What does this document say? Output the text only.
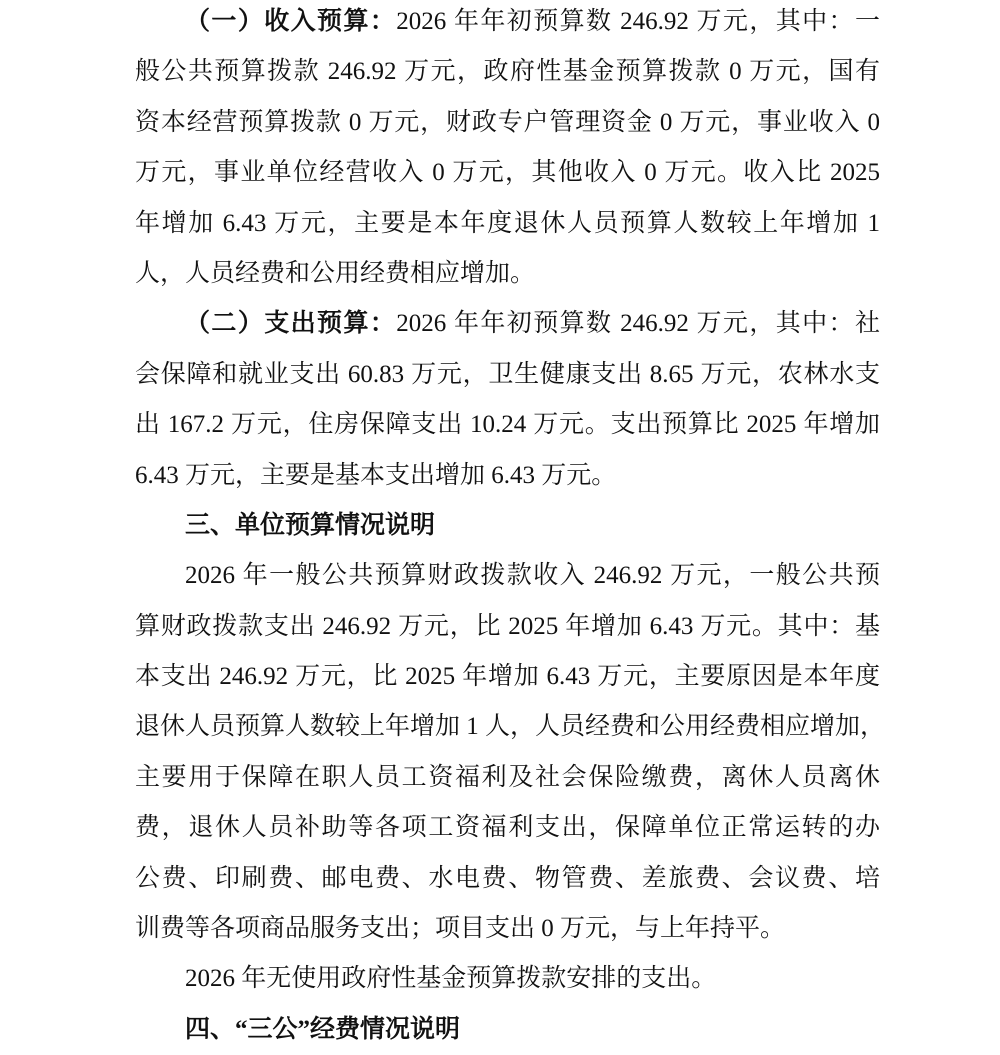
（一）收入预算：2026 年年初预算数 246.92 万元，其中：一
般公共预算拨款 246.92 万元，政府性基金预算拨款 0 万元，国有
资本经营预算拨款 0 万元，财政专户管理资金 0 万元，事业收入 0
万元，事业单位经营收入 0 万元，其他收入 0 万元。收入比 2025
年增加 6.43 万元，主要是本年度退休人员预算人数较上年增加 1
人，人员经费和公用经费相应增加。
（二）支出预算：2026 年年初预算数 246.92 万元，其中：社
会保障和就业支出 60.83 万元，卫生健康支出 8.65 万元，农林水支
出 167.2 万元，住房保障支出 10.24 万元。支出预算比 2025 年增加
6.43 万元，主要是基本支出增加 6.43 万元。
三、单位预算情况说明
2026 年一般公共预算财政拨款收入 246.92 万元，一般公共预
算财政拨款支出 246.92 万元，比 2025 年增加 6.43 万元。其中：基
本支出 246.92 万元，比 2025 年增加 6.43 万元，主要原因是本年度
退休人员预算人数较上年增加 1 人，人员经费和公用经费相应增加，
主要用于保障在职人员工资福利及社会保险缴费，离休人员离休
费，退休人员补助等各项工资福利支出，保障单位正常运转的办
公费、印刷费、邮电费、水电费、物管费、差旅费、会议费、培
训费等各项商品服务支出；项目支出 0 万元，与上年持平。
2026 年无使用政府性基金预算拨款安排的支出。
四、“三公”经费情况说明
